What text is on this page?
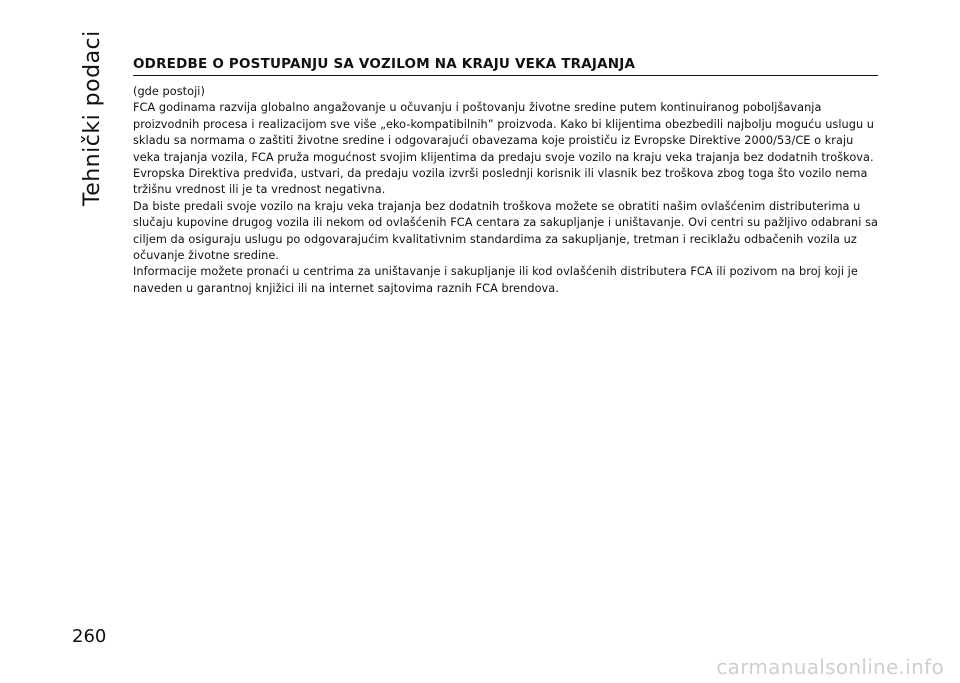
Tehnički podaci ODREDBE O POSTUPANJU SA VOZILOM NA KRAJU VEKA TRAJANJA

(gde postoji)

FCA godinama razvija globalno angažovanje u očuvanju i poštovanju životne sredine putem kontinuiranog poboljšavanja proizvodnih procesa i realizacijom sve više „eko-kompatibilnih” proizvoda. Kako bi klijentima obezbedili najbolju moguću uslugu u skladu sa normama o zaštiti životne sredine i odgovarajući obavezama koje proističu iz Evropske Direktive 2000/53/CE o kraju veka trajanja vozila, FCA pruža mogućnost svojim klijentima da predaju svoje vozilo na kraju veka trajanja bez dodatnih troškova. Evropska Direktiva predviđa, ustvari, da predaju vozila izvrši poslednji korisnik ili vlasnik bez troškova zbog toga što vozilo nema tržišnu vrednost ili je ta vrednost negativna.

Da biste predali svoje vozilo na kraju veka trajanja bez dodatnih troškova možete se obratiti našim ovlašćenim distributerima u slučaju kupovine drugog vozila ili nekom od ovlašćenih FCA centara za sakupljanje i uništavanje. Ovi centri su pažljivo odabrani sa ciljem da osiguraju uslugu po odgovarajućim kvalitativnim standardima za sakupljanje, tretman i reciklažu odbačenih vozila uz očuvanje životne sredine.

Informacije možete pronaći u centrima za uništavanje i sakupljanje ili kod ovlašćenih distributera FCA ili pozivom na broj koji je naveden u garantnoj knjižici ili na internet sajtovima raznih FCA brendova.

260
carmanualsonline.info
